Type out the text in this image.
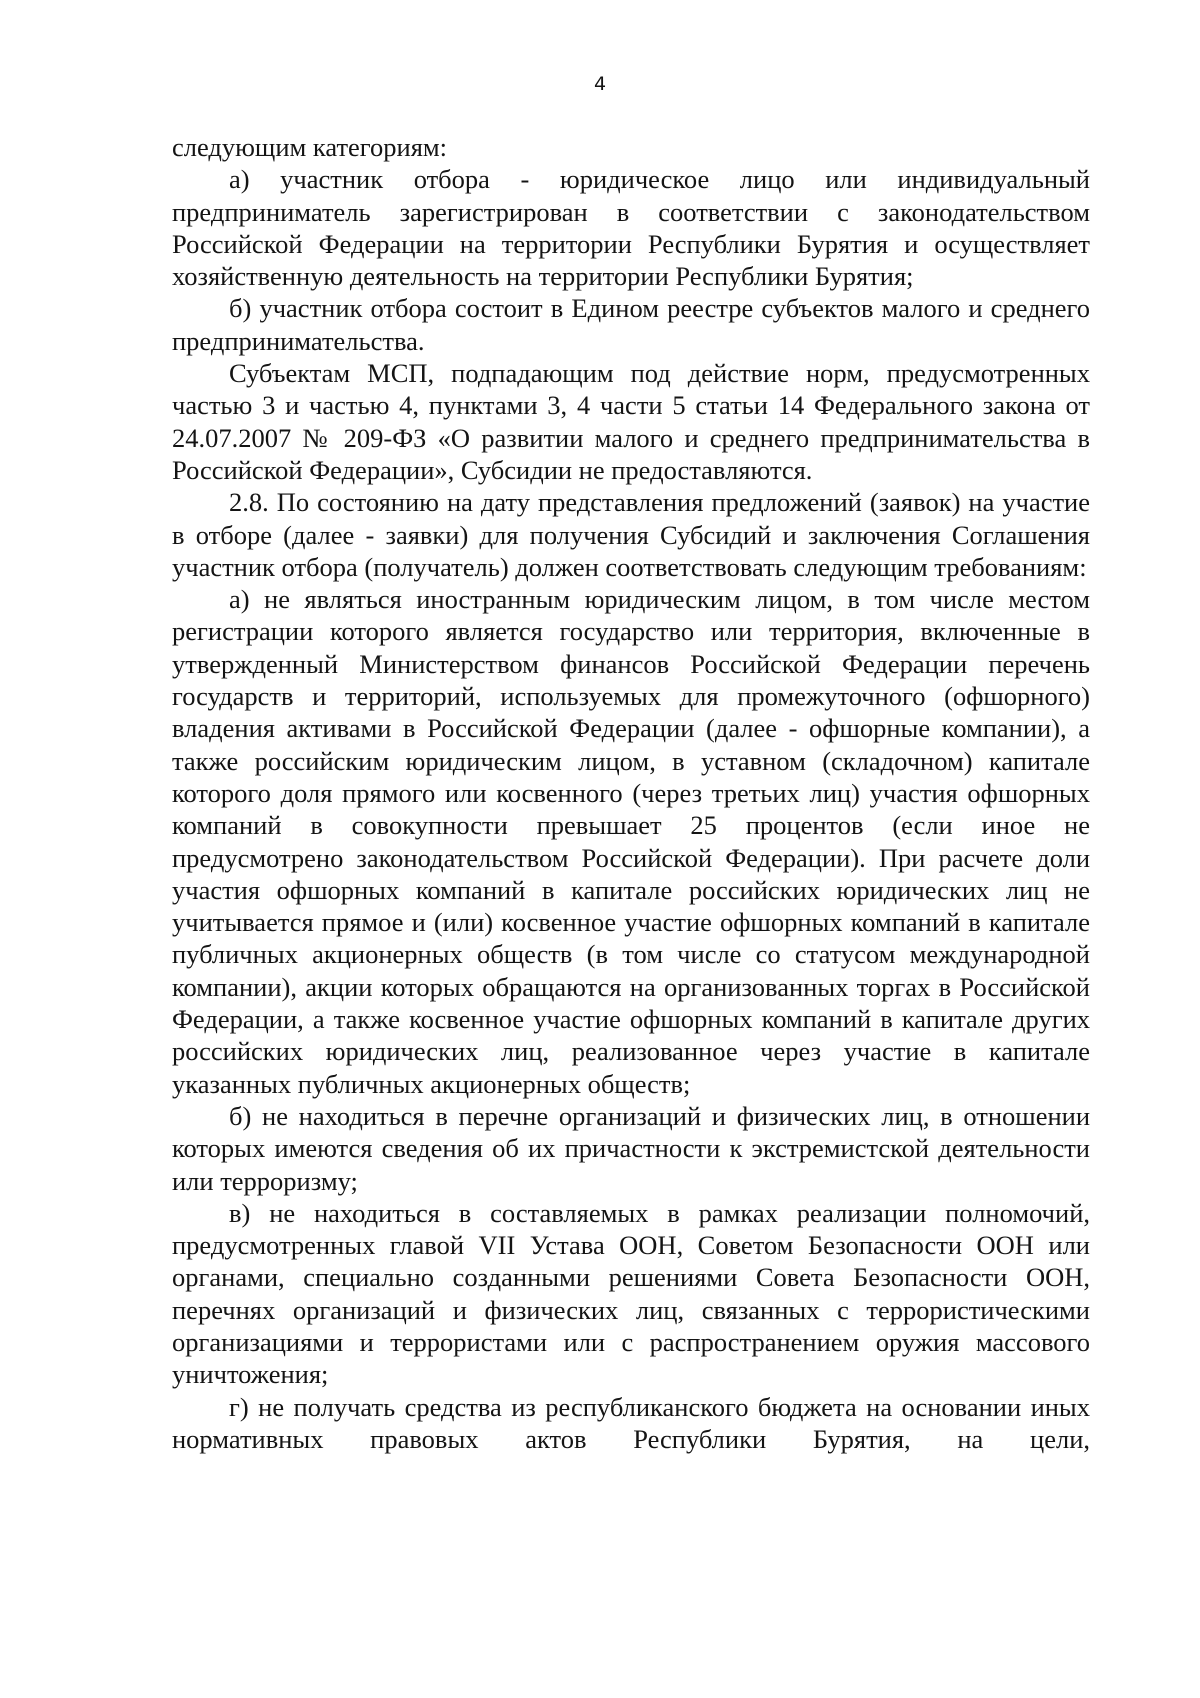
4

следующим категориям:

а) участник отбора - юридическое лицо или индивидуальный предприниматель зарегистрирован в соответствии с законодательством Российской Федерации на территории Республики Бурятия и осуществляет хозяйственную деятельность на территории Республики Бурятия;

б) участник отбора состоит в Едином реестре субъектов малого и среднего предпринимательства.

Субъектам МСП, подпадающим под действие норм, предусмотренных частью 3 и частью 4, пунктами 3, 4 части 5 статьи 14 Федерального закона от 24.07.2007 № 209-ФЗ «О развитии малого и среднего предпринимательства в Российской Федерации», Субсидии не предоставляются.

2.8. По состоянию на дату представления предложений (заявок) на участие в отборе (далее - заявки) для получения Субсидий и заключения Соглашения участник отбора (получатель) должен соответствовать следующим требованиям:

а) не являться иностранным юридическим лицом, в том числе местом регистрации которого является государство или территория, включенные в утвержденный Министерством финансов Российской Федерации перечень государств и территорий, используемых для промежуточного (офшорного) владения активами в Российской Федерации (далее - офшорные компании), а также российским юридическим лицом, в уставном (складочном) капитале которого доля прямого или косвенного (через третьих лиц) участия офшорных компаний в совокупности превышает 25 процентов (если иное не предусмотрено законодательством Российской Федерации). При расчете доли участия офшорных компаний в капитале российских юридических лиц не учитывается прямое и (или) косвенное участие офшорных компаний в капитале публичных акционерных обществ (в том числе со статусом международной компании), акции которых обращаются на организованных торгах в Российской Федерации, а также косвенное участие офшорных компаний в капитале других российских юридических лиц, реализованное через участие в капитале указанных публичных акционерных обществ;

б) не находиться в перечне организаций и физических лиц, в отношении которых имеются сведения об их причастности к экстремистской деятельности или терроризму;

в) не находиться в составляемых в рамках реализации полномочий, предусмотренных главой VII Устава ООН, Советом Безопасности ООН или органами, специально созданными решениями Совета Безопасности ООН, перечнях организаций и физических лиц, связанных с террористическими организациями и террористами или с распространением оружия массового уничтожения;

г) не получать средства из республиканского бюджета на основании иных нормативных правовых актов Республики Бурятия, на цели,
